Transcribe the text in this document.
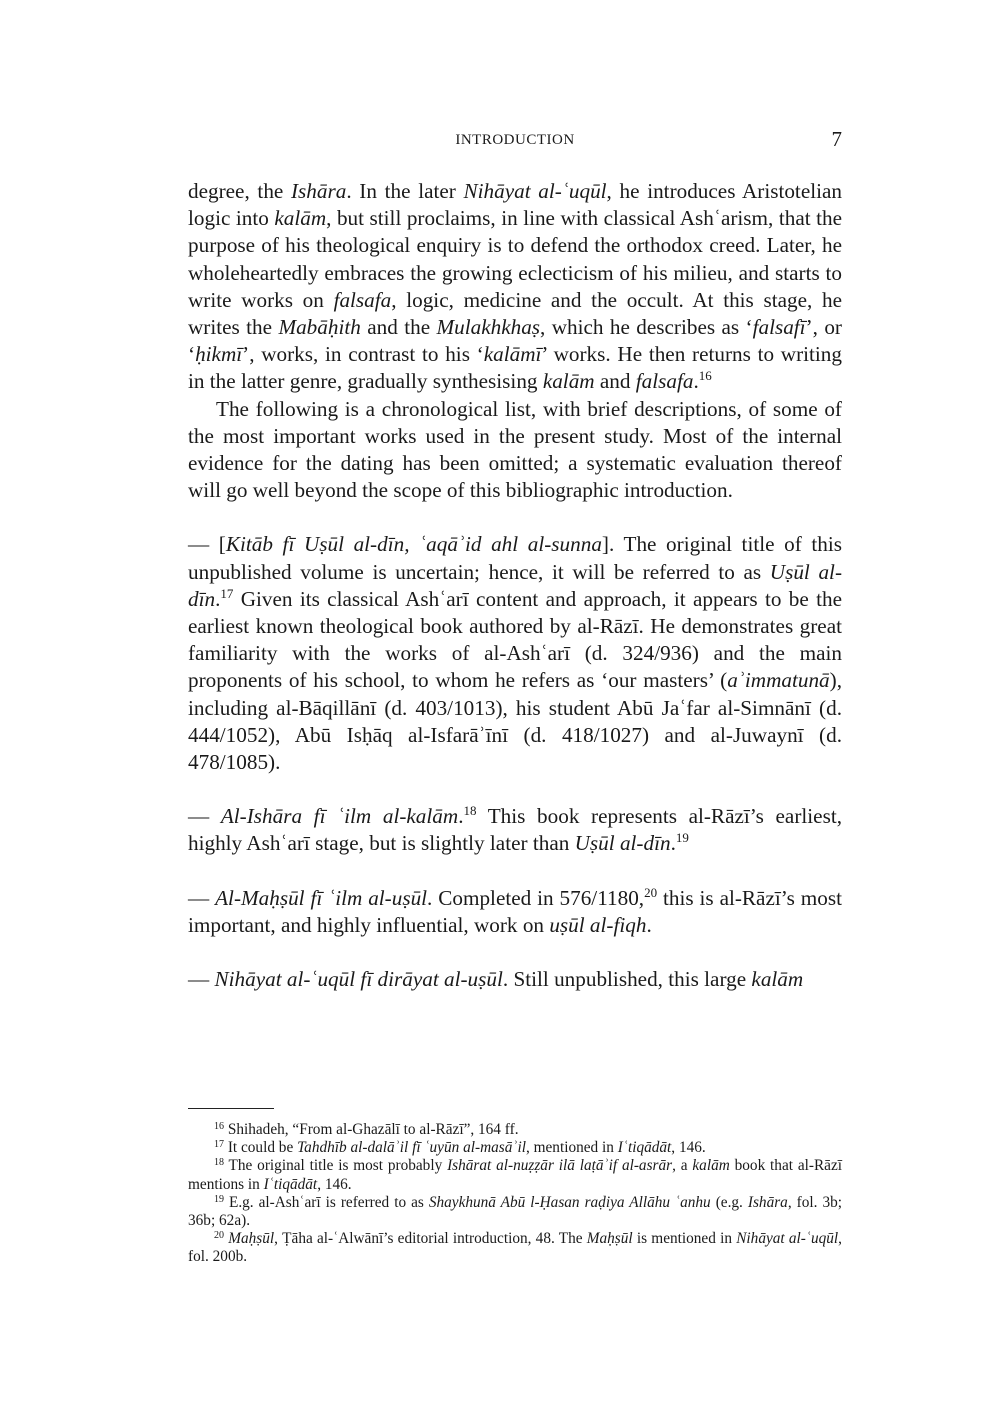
INTRODUCTION	7

degree, the Ishāra. In the later Nihāyat al-ʿuqūl, he introduces Aristotelian logic into kalām, but still proclaims, in line with classical Ashʿarism, that the purpose of his theological enquiry is to defend the orthodox creed. Later, he wholeheartedly embraces the growing eclecticism of his milieu, and starts to write works on falsafa, logic, medicine and the occult. At this stage, he writes the Mabāḥith and the Mulakhkhaṣ, which he describes as ‘falsafī’, or ‘ḥikmī’, works, in contrast to his ‘kalāmī’ works. He then returns to writing in the latter genre, gradually synthesising kalām and falsafa.$^{16}$

The following is a chronological list, with brief descriptions, of some of the most important works used in the present study. Most of the internal evidence for the dating has been omitted; a systematic evaluation thereof will go well beyond the scope of this bibliographic introduction.

— [Kitāb fī Uṣūl al-dīn, ʿaqāʾid ahl al-sunna]. The original title of this unpublished volume is uncertain; hence, it will be referred to as Uṣūl al-dīn.$^{17}$ Given its classical Ashʿarī content and approach, it appears to be the earliest known theological book authored by al-Rāzī. He demonstrates great familiarity with the works of al-Ashʿarī (d. 324/936) and the main proponents of his school, to whom he refers as ‘our masters’ (aʾimmatunā), including al-Bāqillānī (d. 403/1013), his student Abū Jaʿfar al-Simnānī (d. 444/1052), Abū Isḥāq al-Isfarāʾīnī (d. 418/1027) and al-Juwaynī (d. 478/1085).

— Al-Ishāra fī ʿilm al-kalām.$^{18}$ This book represents al-Rāzī’s earliest, highly Ashʿarī stage, but is slightly later than Uṣūl al-dīn.$^{19}$

— Al-Maḥṣūl fī ʿilm al-uṣūl. Completed in 576/1180,20 this is al-Rāzī’s most important, and highly influential, work on uṣūl al-fiqh.

— Nihāyat al-ʿuqūl fī dirāyat al-uṣūl. Still unpublished, this large kalām

$^{16}$ Shihadeh, “From al-Ghazālī to al-Rāzī”, 164 ff.

$^{17}$ It could be Tahdhīb al-dalāʾil fī ʿuyūn al-masāʾil, mentioned in Iʿtiqādāt, 146.

$^{18}$ The original title is most probably Ishārat al-nuẓẓār ilā laṭāʾif al-asrār, a kalām book that al-Rāzī mentions in Iʿtiqādāt, 146.

$^{19}$ E.g. al-Ashʿarī is referred to as Shaykhunā Abū l-Ḥasan raḍiya Allāhu ʿanhu (e.g. Ishāra, fol. 3b; 36b; 62a).

$^{20}$ Maḥṣūl, Ṭāha al-ʿAlwānī’s editorial introduction, 48. The Maḥṣūl is mentioned in Nihāyat al-ʿuqūl, fol. 200b.
